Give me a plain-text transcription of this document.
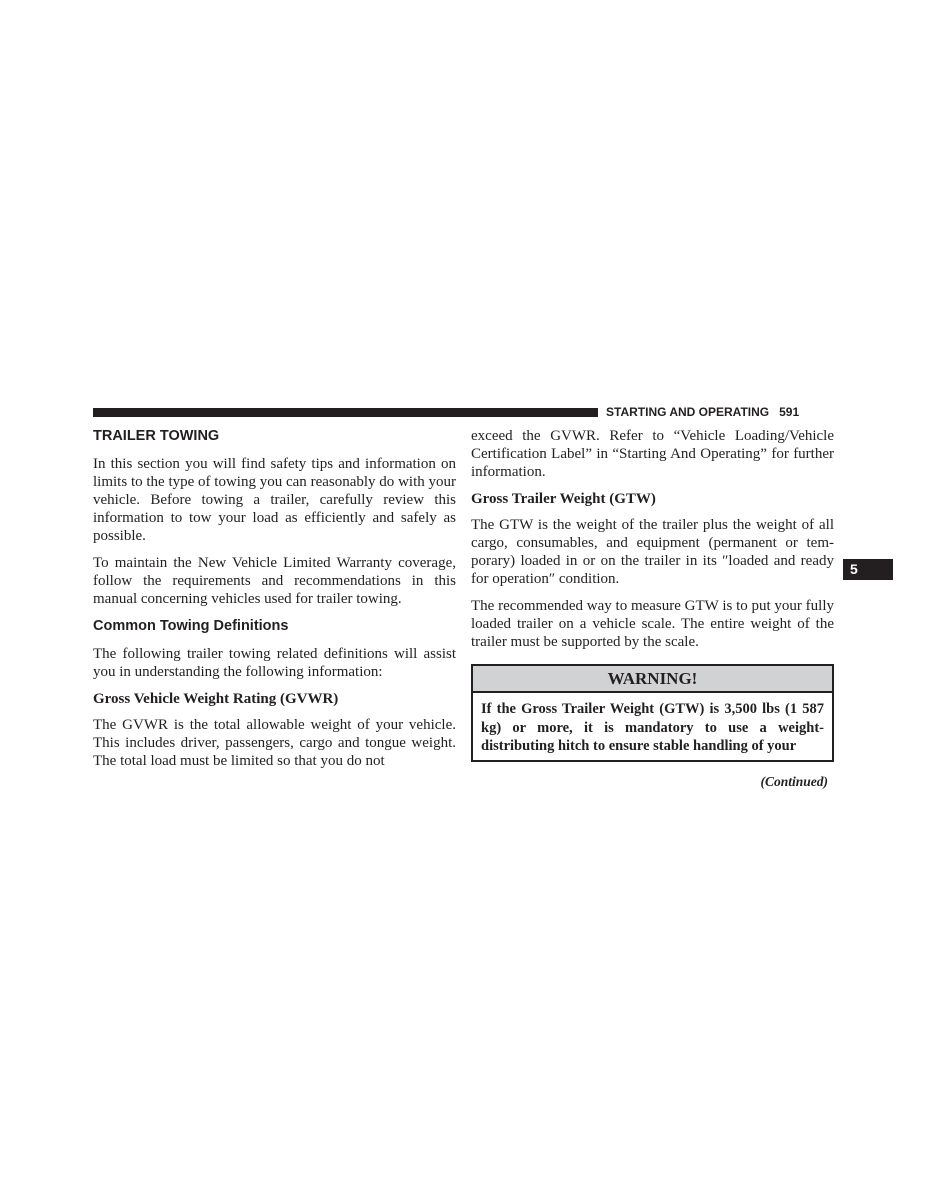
STARTING AND OPERATING 591
TRAILER TOWING

In this section you will find safety tips and information on limits to the type of towing you can reasonably do with your vehicle. Before towing a trailer, carefully review this information to tow your load as efficiently and safely as possible.

To maintain the New Vehicle Limited Warranty coverage, follow the requirements and recommendations in this manual concerning vehicles used for trailer towing.

Common Towing Definitions

The following trailer towing related definitions will assist you in understanding the following information:

Gross Vehicle Weight Rating (GVWR)

The GVWR is the total allowable weight of your vehicle. This includes driver, passengers, cargo and tongue weight. The total load must be limited so that you do not

exceed the GVWR. Refer to “Vehicle Loading/Vehicle Certification Label” in “Starting And Operating” for further information.

Gross Trailer Weight (GTW)

The GTW is the weight of the trailer plus the weight of all cargo, consumables, and equipment (permanent or temporary) loaded in or on the trailer in its ″loaded and ready for operation″ condition.

The recommended way to measure GTW is to put your fully loaded trailer on a vehicle scale. The entire weight of the trailer must be supported by the scale.

WARNING!
If the Gross Trailer Weight (GTW) is 3,500 lbs (1 587 kg) or more, it is mandatory to use a weight-distributing hitch to ensure stable handling of your
(Continued)
5
